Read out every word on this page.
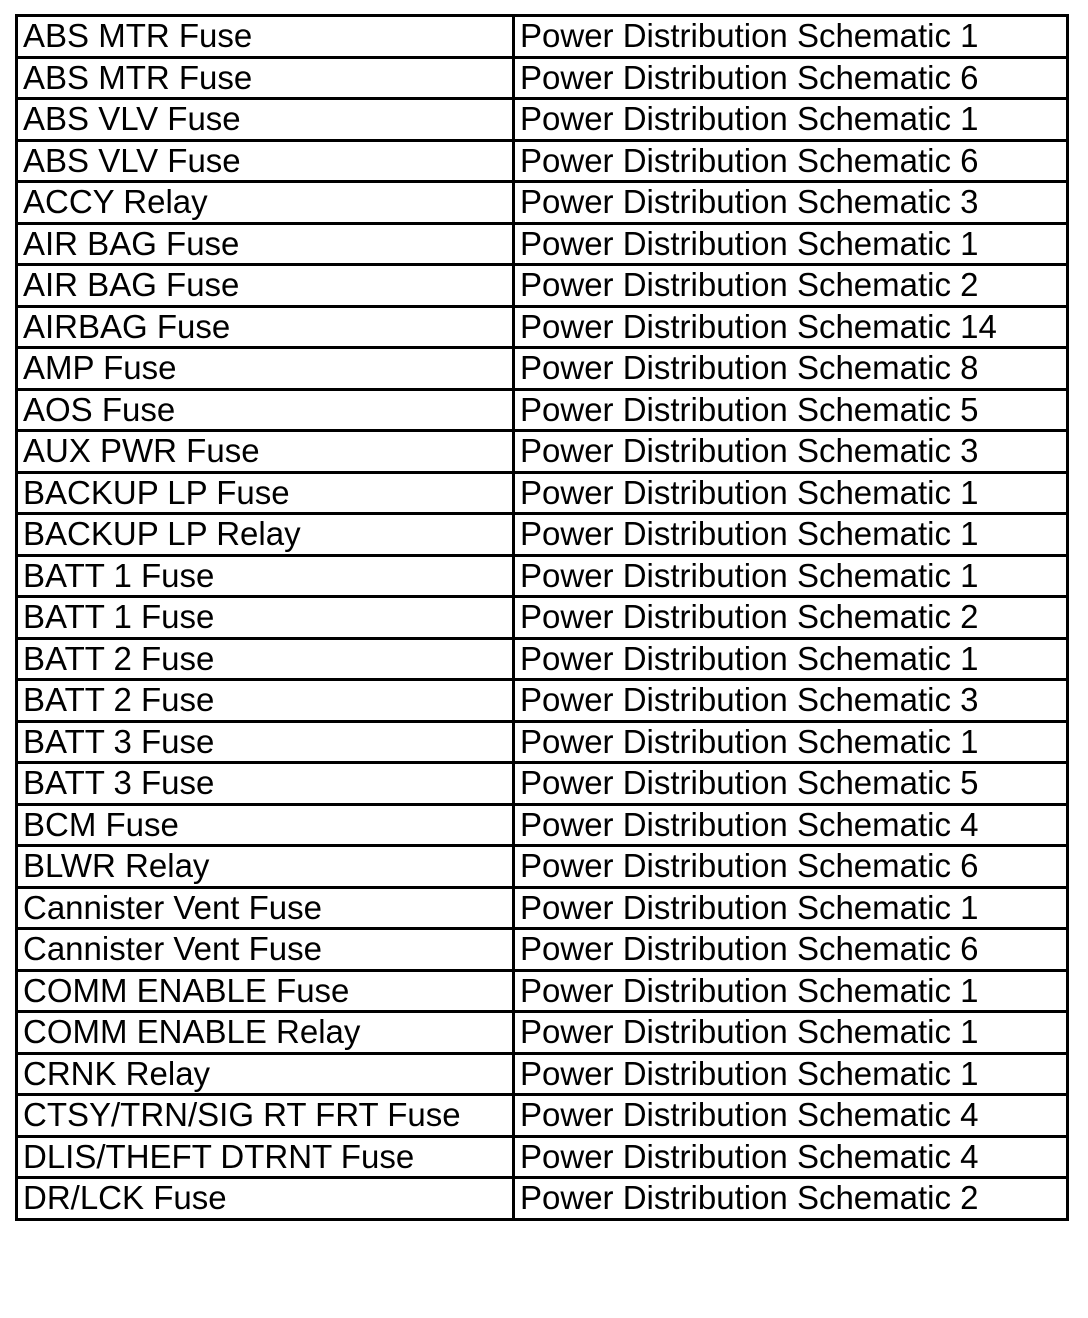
ABS MTR Fuse	Power Distribution Schematic 1
ABS MTR Fuse	Power Distribution Schematic 6
ABS VLV Fuse	Power Distribution Schematic 1
ABS VLV Fuse	Power Distribution Schematic 6
ACCY Relay	Power Distribution Schematic 3
AIR BAG Fuse	Power Distribution Schematic 1
AIR BAG Fuse	Power Distribution Schematic 2
AIRBAG Fuse	Power Distribution Schematic 14
AMP Fuse	Power Distribution Schematic 8
AOS Fuse	Power Distribution Schematic 5
AUX PWR Fuse	Power Distribution Schematic 3
BACKUP LP Fuse	Power Distribution Schematic 1
BACKUP LP Relay	Power Distribution Schematic 1
BATT 1 Fuse	Power Distribution Schematic 1
BATT 1 Fuse	Power Distribution Schematic 2
BATT 2 Fuse	Power Distribution Schematic 1
BATT 2 Fuse	Power Distribution Schematic 3
BATT 3 Fuse	Power Distribution Schematic 1
BATT 3 Fuse	Power Distribution Schematic 5
BCM Fuse	Power Distribution Schematic 4
BLWR Relay	Power Distribution Schematic 6
Cannister Vent Fuse	Power Distribution Schematic 1
Cannister Vent Fuse	Power Distribution Schematic 6
COMM ENABLE Fuse	Power Distribution Schematic 1
COMM ENABLE Relay	Power Distribution Schematic 1
CRNK Relay	Power Distribution Schematic 1
CTSY/TRN/SIG RT FRT Fuse	Power Distribution Schematic 4
DLIS/THEFT DTRNT Fuse	Power Distribution Schematic 4
DR/LCK Fuse	Power Distribution Schematic 2
